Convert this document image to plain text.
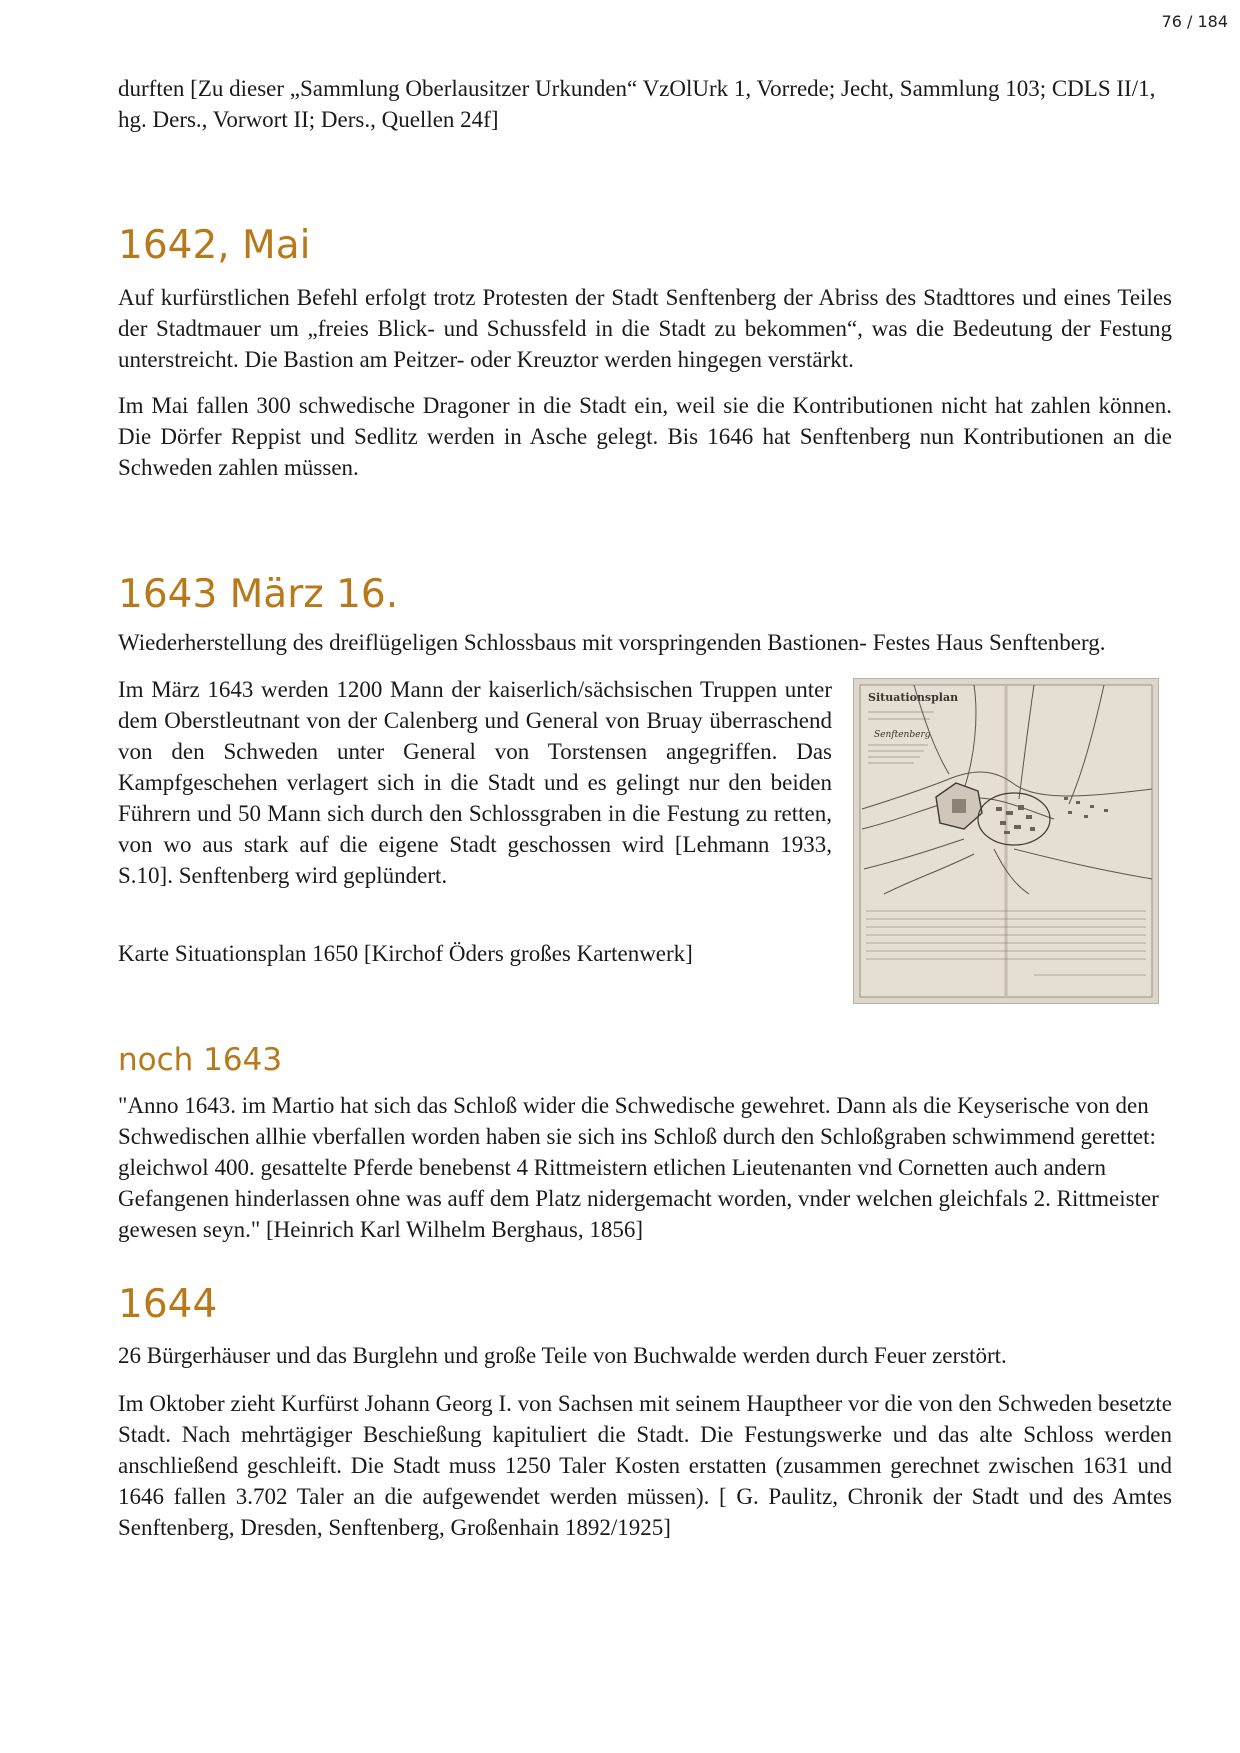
76 / 184

durften [Zu dieser „Sammlung Oberlausitzer Urkunden“ VzOlUrk 1, Vorrede; Jecht, Sammlung 103; CDLS II/1, hg. Ders., Vorwort II; Ders., Quellen 24f]

1642, Mai

Auf kurfürstlichen Befehl erfolgt trotz Protesten der Stadt Senftenberg der Abriss des Stadttores und eines Teiles der Stadtmauer um „freies Blick- und Schussfeld in die Stadt zu bekommen“, was die Bedeutung der Festung unterstreicht. Die Bastion am Peitzer- oder Kreuztor werden hingegen verstärkt.

Im Mai fallen 300 schwedische Dragoner in die Stadt ein, weil sie die Kontributionen nicht hat zahlen können. Die Dörfer Reppist und Sedlitz werden in Asche gelegt. Bis 1646 hat Senftenberg nun Kontributionen an die Schweden zahlen müssen.

1643 März 16.

Wiederherstellung des dreiflügeligen Schlossbaus mit vorspringenden Bastionen- Festes Haus Senftenberg.

Im März 1643 werden 1200 Mann der kaiserlich/sächsischen Truppen unter dem Oberstleutnant von der Calenberg und General von Bruay überraschend von den Schweden unter General von Torstensen angegriffen. Das Kampfgeschehen verlagert sich in die Stadt und es gelingt nur den beiden Führern und 50 Mann sich durch den Schlossgraben in die Festung zu retten, von wo aus stark auf die eigene Stadt geschossen wird [Lehmann 1933, S.10]. Senftenberg wird geplündert.

Karte Situationsplan 1650 [Kirchof Öders großes Kartenwerk]

Situationsplan
Senftenberg
noch 1643

"Anno 1643. im Martio hat sich das Schloß wider die Schwedische gewehret. Dann als die Keyserische von den Schwedischen allhie vberfallen worden haben sie sich ins Schloß durch den Schloßgraben schwimmend gerettet: gleichwol 400. gesattelte Pferde benebenst 4 Rittmeistern etlichen Lieutenanten vnd Cornetten auch andern Gefangenen hinderlassen ohne was auff dem Platz nidergemacht worden, vnder welchen gleichfals 2. Rittmeister gewesen seyn." [Heinrich Karl Wilhelm Berghaus, 1856]

1644

26 Bürgerhäuser und das Burglehn und große Teile von Buchwalde werden durch Feuer zerstört.

Im Oktober zieht Kurfürst Johann Georg I. von Sachsen mit seinem Hauptheer vor die von den Schweden besetzte Stadt. Nach mehrtägiger Beschießung kapituliert die Stadt. Die Festungswerke und das alte Schloss werden anschließend geschleift. Die Stadt muss 1250 Taler Kosten erstatten (zusammen gerechnet zwischen 1631 und 1646 fallen 3.702 Taler an die aufgewendet werden müssen). [ G. Paulitz, Chronik der Stadt und des Amtes Senftenberg, Dresden, Senftenberg, Großenhain 1892/1925]
